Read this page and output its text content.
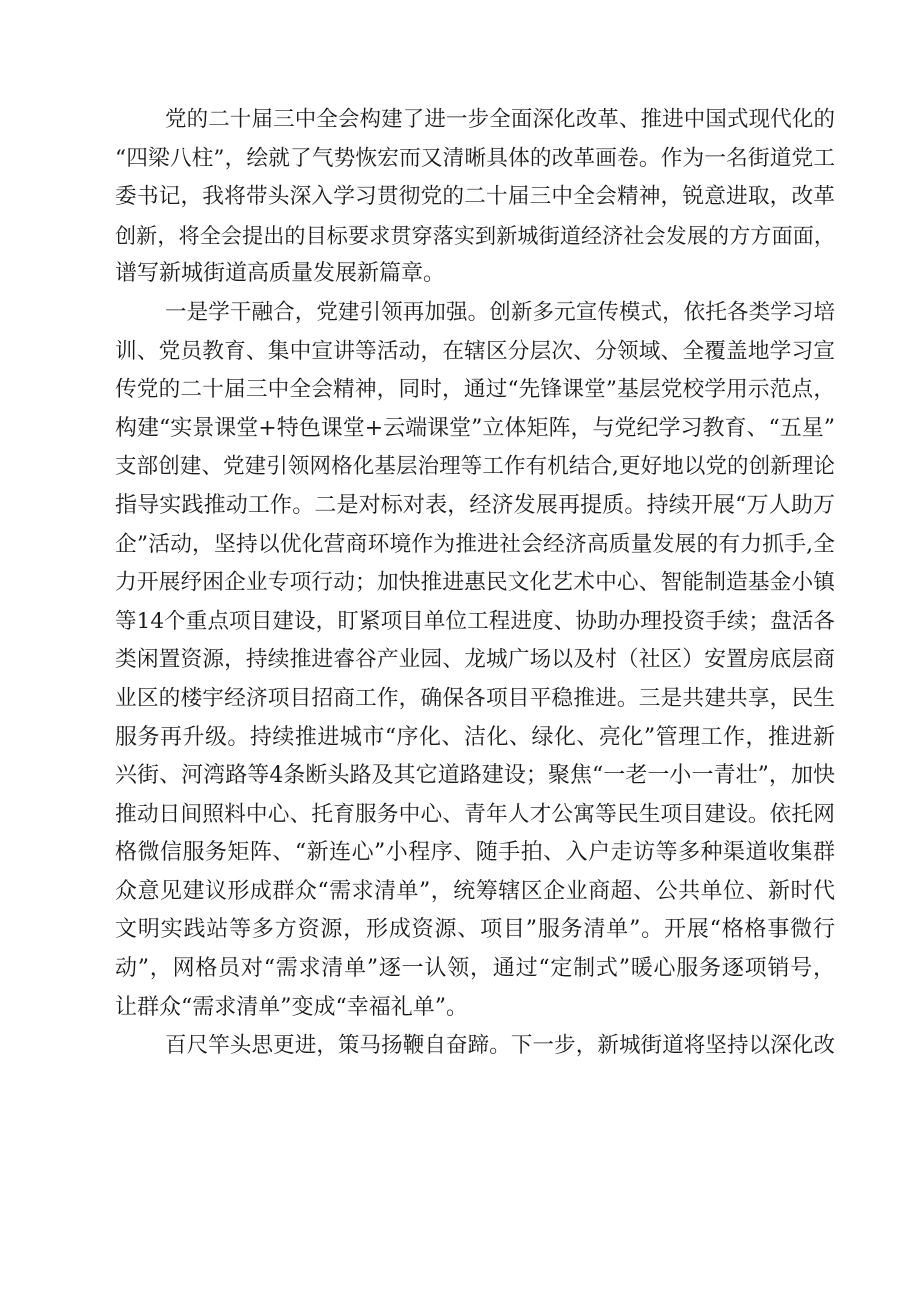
党的二十届三中全会构建了进一步全面深化改革、推进中国式现代化的
“四梁八柱”，绘就了气势恢宏而又清晰具体的改革画卷。作为一名街道党工
委书记，我将带头深入学习贯彻党的二十届三中全会精神，锐意进取，改革
创新，将全会提出的目标要求贯穿落实到新城街道经济社会发展的方方面面，
谱写新城街道高质量发展新篇章。
一是学干融合，党建引领再加强。创新多元宣传模式，依托各类学习培
训、党员教育、集中宣讲等活动，在辖区分层次、分领域、全覆盖地学习宣
传党的二十届三中全会精神，同时，通过“先锋课堂”基层党校学用示范点，
构建“实景课堂+特色课堂+云端课堂”立体矩阵，与党纪学习教育、“五星”
支部创建、党建引领网格化基层治理等工作有机结合,更好地以党的创新理论
指导实践推动工作。二是对标对表，经济发展再提质。持续开展“万人助万
企”活动，坚持以优化营商环境作为推进社会经济高质量发展的有力抓手,全
力开展纾困企业专项行动；加快推进惠民文化艺术中心、智能制造基金小镇
等14个重点项目建设，盯紧项目单位工程进度、协助办理投资手续；盘活各
类闲置资源，持续推进睿谷产业园、龙城广场以及村（社区）安置房底层商
业区的楼宇经济项目招商工作，确保各项目平稳推进。三是共建共享，民生
服务再升级。持续推进城市“序化、洁化、绿化、亮化”管理工作，推进新
兴街、河湾路等4条断头路及其它道路建设；聚焦“一老一小一青壮”，加快
推动日间照料中心、托育服务中心、青年人才公寓等民生项目建设。依托网
格微信服务矩阵、“新连心”小程序、随手拍、入户走访等多种渠道收集群
众意见建议形成群众“需求清单”，统筹辖区企业商超、公共单位、新时代
文明实践站等多方资源，形成资源、项目”服务清单”。开展“格格事微行
动”，网格员对“需求清单”逐一认领，通过“定制式”暖心服务逐项销号，
让群众“需求清单”变成“幸福礼单”。
百尺竿头思更进，策马扬鞭自奋蹄。下一步，新城街道将坚持以深化改
